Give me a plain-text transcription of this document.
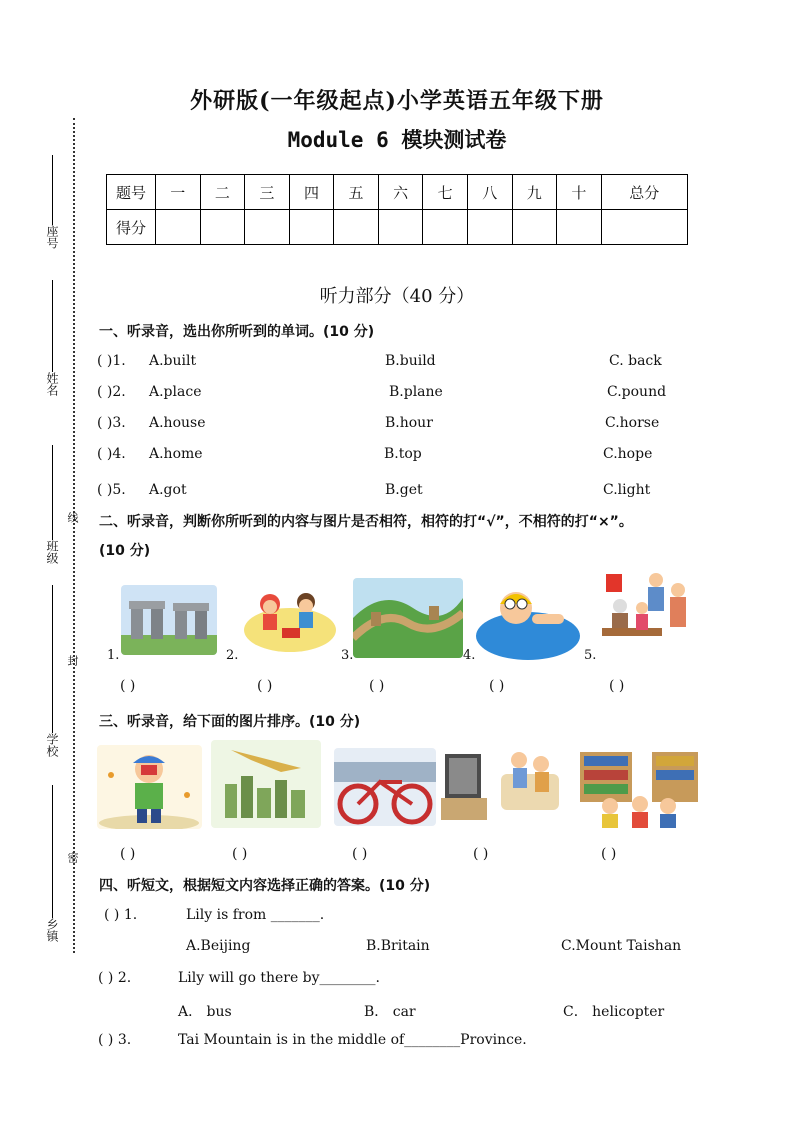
外研版(一年级起点)小学英语五年级下册
Module 6 模块测试卷
题号	一	二	三	四	五	六	七	八	九	十	总分
得分											
座号
姓名
班级
学校
乡镇
线
封
密
听力部分（40 分）
一、听录音，选出你所听到的单词。(10 分)
( )1. A.built	B.build	C. back
( )2. A.place	B.plane	C.pound
( )3. A.house	B.hour	C.horse
( )4. A.home	B.top	C.hope
( )5. A.got	B.get	C.light
二、听录音，判断你所听到的内容与图片是否相符，相符的打“√”，不相符的打“×”。
(10 分)
1.	2.	3.	4.	5.
( )	( )	( )	( )	( )
三、听录音，给下面的图片排序。(10 分)
( )	( )	( )	( )	( )
四、听短文，根据短文内容选择正确的答案。(10 分)
( ) 1.	Lily is from _______.
A.Beijing	B.Britain	C.Mount Taishan
( ) 2.	Lily will go there by________.
A． bus	B． car	C． helicopter
( ) 3.	Tai Mountain is in the middle of________Province.
